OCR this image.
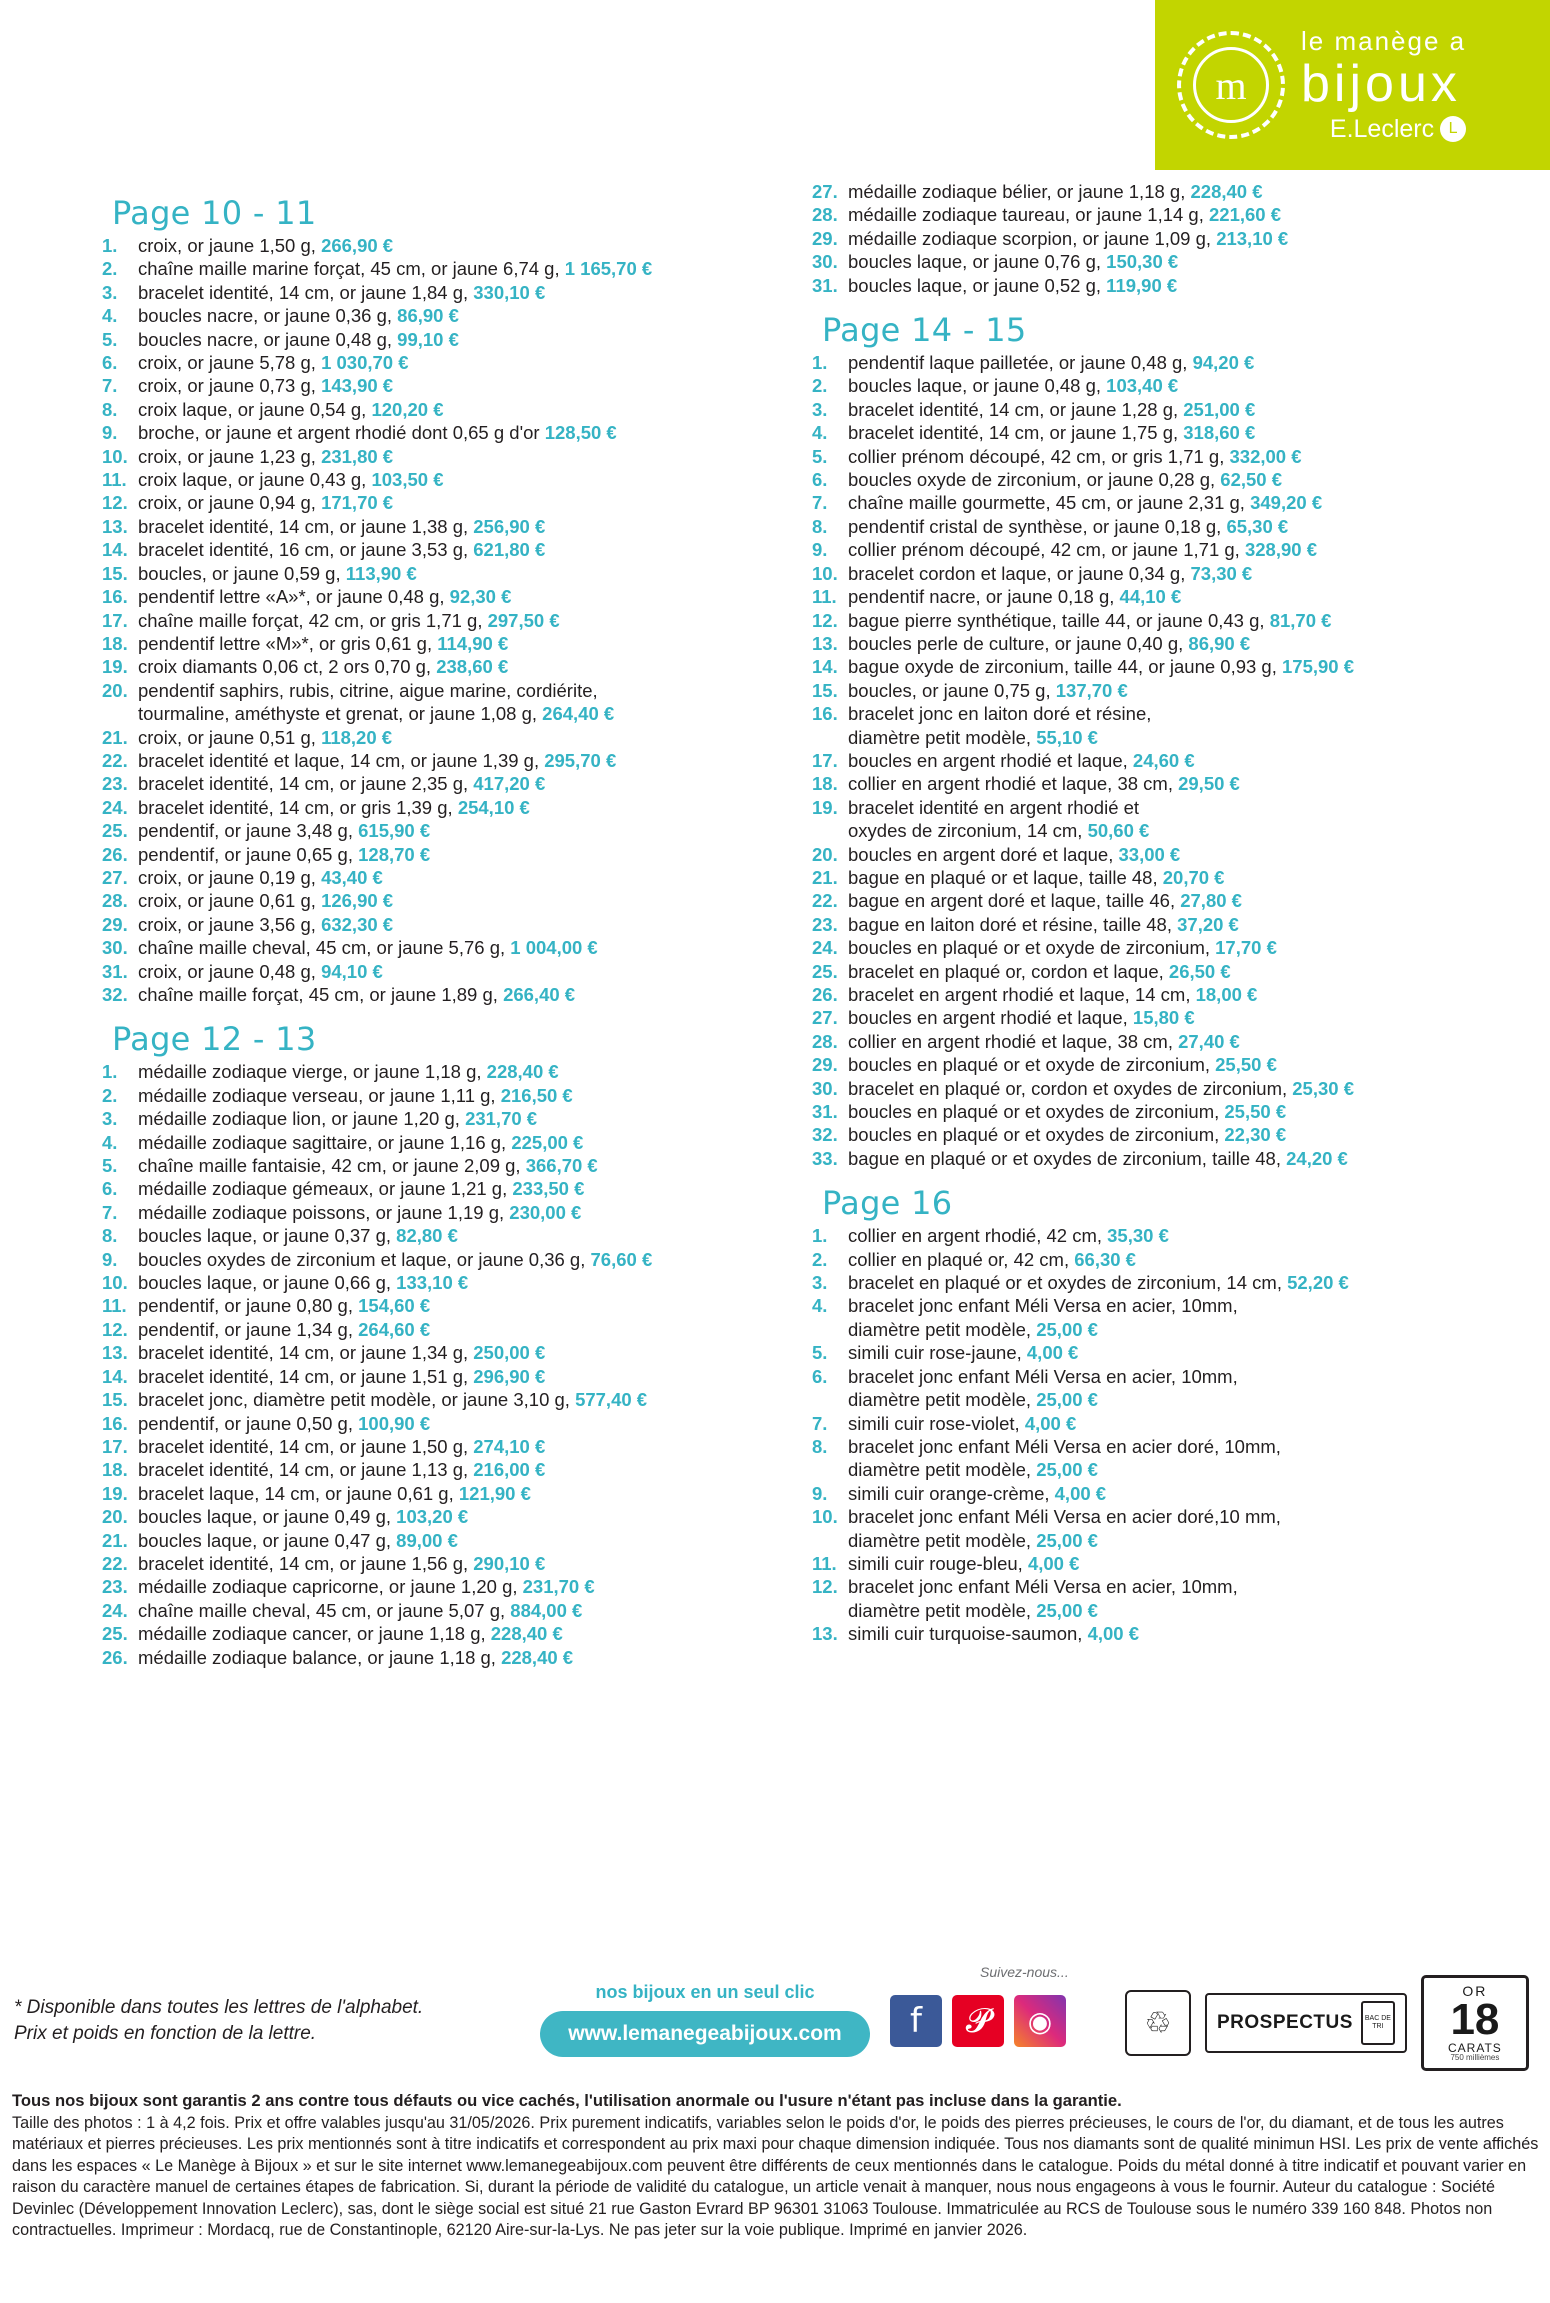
m
le manège a
bijoux
E.Leclerc L
Page 10 - 11
1.	croix, or jaune 1,50 g, 266,90 €
2.	chaîne maille marine forçat, 45 cm, or jaune 6,74 g, 1 165,70 €
3.	bracelet identité, 14 cm, or jaune 1,84 g, 330,10 €
4.	boucles nacre, or jaune 0,36 g, 86,90 €
5.	boucles nacre, or jaune 0,48 g, 99,10 €
6.	croix, or jaune 5,78 g, 1 030,70 €
7.	croix, or jaune 0,73 g, 143,90 €
8.	croix laque, or jaune 0,54 g, 120,20 €
9.	broche, or jaune et argent rhodié dont 0,65 g d'or 128,50 €
10. croix, or jaune 1,23 g, 231,80 €
11. croix laque, or jaune 0,43 g, 103,50 €
12. croix, or jaune 0,94 g, 171,70 €
13. bracelet identité, 14 cm, or jaune 1,38 g, 256,90 €
14. bracelet identité, 16 cm, or jaune 3,53 g, 621,80 €
15. boucles, or jaune 0,59 g, 113,90 €
16. pendentif lettre «A»*, or jaune 0,48 g, 92,30 €
17. chaîne maille forçat, 42 cm, or gris 1,71 g, 297,50 €
18. pendentif lettre «M»*, or gris 0,61 g, 114,90 €
19. croix diamants 0,06 ct, 2 ors 0,70 g, 238,60 €
20. pendentif saphirs, rubis, citrine, aigue marine, cordiérite,
tourmaline, améthyste et grenat, or jaune 1,08 g, 264,40 €
21. croix, or jaune 0,51 g, 118,20 €
22. bracelet identité et laque, 14 cm, or jaune 1,39 g, 295,70 €
23. bracelet identité, 14 cm, or jaune 2,35 g, 417,20 €
24. bracelet identité, 14 cm, or gris 1,39 g, 254,10 €
25. pendentif, or jaune 3,48 g, 615,90 €
26. pendentif, or jaune 0,65 g, 128,70 €
27. croix, or jaune 0,19 g, 43,40 €
28. croix, or jaune 0,61 g, 126,90 €
29. croix, or jaune 3,56 g, 632,30 €
30. chaîne maille cheval, 45 cm, or jaune 5,76 g, 1 004,00 €
31. croix, or jaune 0,48 g, 94,10 €
32. chaîne maille forçat, 45 cm, or jaune 1,89 g, 266,40 €
Page 12 - 13
1.	médaille zodiaque vierge, or jaune 1,18 g, 228,40 €
2.	médaille zodiaque verseau, or jaune 1,11 g, 216,50 €
3.	médaille zodiaque lion, or jaune 1,20 g, 231,70 €
4.	médaille zodiaque sagittaire, or jaune 1,16 g, 225,00 €
5.	chaîne maille fantaisie, 42 cm, or jaune 2,09 g, 366,70 €
6.	médaille zodiaque gémeaux, or jaune 1,21 g, 233,50 €
7.	médaille zodiaque poissons, or jaune 1,19 g, 230,00 €
8.	boucles laque, or jaune 0,37 g, 82,80 €
9.	boucles oxydes de zirconium et laque, or jaune 0,36 g, 76,60 €
10. boucles laque, or jaune 0,66 g, 133,10 €
11. pendentif, or jaune 0,80 g, 154,60 €
12. pendentif, or jaune 1,34 g, 264,60 €
13. bracelet identité, 14 cm, or jaune 1,34 g, 250,00 €
14. bracelet identité, 14 cm, or jaune 1,51 g, 296,90 €
15. bracelet jonc, diamètre petit modèle, or jaune 3,10 g, 577,40 €
16. pendentif, or jaune 0,50 g, 100,90 €
17. bracelet identité, 14 cm, or jaune 1,50 g, 274,10 €
18. bracelet identité, 14 cm, or jaune 1,13 g, 216,00 €
19. bracelet laque, 14 cm, or jaune 0,61 g, 121,90 €
20. boucles laque, or jaune 0,49 g, 103,20 €
21. boucles laque, or jaune 0,47 g, 89,00 €
22. bracelet identité, 14 cm, or jaune 1,56 g, 290,10 €
23. médaille zodiaque capricorne, or jaune 1,20 g, 231,70 €
24. chaîne maille cheval, 45 cm, or jaune 5,07 g, 884,00 €
25. médaille zodiaque cancer, or jaune 1,18 g, 228,40 €
26. médaille zodiaque balance, or jaune 1,18 g, 228,40 €
27. médaille zodiaque bélier, or jaune 1,18 g, 228,40 €
28. médaille zodiaque taureau, or jaune 1,14 g, 221,60 €
29. médaille zodiaque scorpion, or jaune 1,09 g, 213,10 €
30. boucles laque, or jaune 0,76 g, 150,30 €
31. boucles laque, or jaune 0,52 g, 119,90 €
Page 14 - 15
1.	pendentif laque pailletée, or jaune 0,48 g, 94,20 €
2.	boucles laque, or jaune 0,48 g, 103,40 €
3.	bracelet identité, 14 cm, or jaune 1,28 g, 251,00 €
4.	bracelet identité, 14 cm, or jaune 1,75 g, 318,60 €
5.	collier prénom découpé, 42 cm, or gris 1,71 g, 332,00 €
6.	boucles oxyde de zirconium, or jaune 0,28 g, 62,50 €
7.	chaîne maille gourmette, 45 cm, or jaune 2,31 g, 349,20 €
8.	pendentif cristal de synthèse, or jaune 0,18 g, 65,30 €
9.	collier prénom découpé, 42 cm, or jaune 1,71 g, 328,90 €
10. bracelet cordon et laque, or jaune 0,34 g, 73,30 €
11. pendentif nacre, or jaune 0,18 g, 44,10 €
12. bague pierre synthétique, taille 44, or jaune 0,43 g, 81,70 €
13. boucles perle de culture, or jaune 0,40 g, 86,90 €
14. bague oxyde de zirconium, taille 44, or jaune 0,93 g, 175,90 €
15. boucles, or jaune 0,75 g, 137,70 €
16. bracelet jonc en laiton doré et résine,
diamètre petit modèle, 55,10 €
17. boucles en argent rhodié et laque, 24,60 €
18. collier en argent rhodié et laque, 38 cm, 29,50 €
19. bracelet identité en argent rhodié et
oxydes de zirconium, 14 cm, 50,60 €
20. boucles en argent doré et laque, 33,00 €
21. bague en plaqué or et laque, taille 48, 20,70 €
22. bague en argent doré et laque, taille 46, 27,80 €
23. bague en laiton doré et résine, taille 48, 37,20 €
24. boucles en plaqué or et oxyde de zirconium, 17,70 €
25. bracelet en plaqué or, cordon et laque, 26,50 €
26. bracelet en argent rhodié et laque, 14 cm, 18,00 €
27. boucles en argent rhodié et laque, 15,80 €
28. collier en argent rhodié et laque, 38 cm, 27,40 €
29. boucles en plaqué or et oxyde de zirconium, 25,50 €
30. bracelet en plaqué or, cordon et oxydes de zirconium, 25,30 €
31. boucles en plaqué or et oxydes de zirconium, 25,50 €
32. boucles en plaqué or et oxydes de zirconium, 22,30 €
33. bague en plaqué or et oxydes de zirconium, taille 48, 24,20 €
Page 16
1.	collier en argent rhodié, 42 cm, 35,30 €
2.	collier en plaqué or, 42 cm, 66,30 €
3.	bracelet en plaqué or et oxydes de zirconium, 14 cm, 52,20 €
4.	bracelet jonc enfant Méli Versa en acier, 10mm,
diamètre petit modèle, 25,00 €
5.	simili cuir rose-jaune, 4,00 €
6.	bracelet jonc enfant Méli Versa en acier, 10mm,
diamètre petit modèle, 25,00 €
7.	simili cuir rose-violet, 4,00 €
8.	bracelet jonc enfant Méli Versa en acier doré, 10mm,
diamètre petit modèle, 25,00 €
9.	simili cuir orange-crème, 4,00 €
10. bracelet jonc enfant Méli Versa en acier doré,10 mm,
diamètre petit modèle, 25,00 €
11. simili cuir rouge-bleu, 4,00 €
12. bracelet jonc enfant Méli Versa en acier, 10mm,
diamètre petit modèle, 25,00 €
13. simili cuir turquoise-saumon, 4,00 €
* Disponible dans toutes les lettres de l'alphabet.
Prix et poids en fonction de la lettre.
nos bijoux en un seul clic
www.lemanegeabijoux.com
Suivez-nous...
f	𝓟	◉	♲	PROSPECTUS BAC DE TRI
OR
18
CARATS
750 millièmes
Tous nos bijoux sont garantis 2 ans contre tous défauts ou vice cachés, l'utilisation anormale ou l'usure n'étant pas incluse dans la garantie.
Taille des photos : 1 à 4,2 fois. Prix et offre valables jusqu'au 31/05/2026. Prix purement indicatifs, variables selon le poids d'or, le poids des pierres précieuses, le cours de l'or, du diamant, et de tous les autres matériaux et pierres précieuses. Les prix mentionnés sont à titre indicatifs et correspondent au prix maxi pour chaque dimension indiquée. Tous nos diamants sont de qualité minimun HSI. Les prix de vente affichés dans les espaces « Le Manège à Bijoux » et sur le site internet www.lemanegeabijoux.com peuvent être différents de ceux mentionnés dans le catalogue. Poids du métal donné à titre indicatif et pouvant varier en raison du caractère manuel de certaines étapes de fabrication. Si, durant la période de validité du catalogue, un article venait à manquer, nous nous engageons à vous le fournir. Auteur du catalogue : Société Devinlec (Développement Innovation Leclerc), sas, dont le siège social est situé 21 rue Gaston Evrard BP 96301 31063 Toulouse. Immatriculée au RCS de Toulouse sous le numéro 339 160 848. Photos non contractuelles. Imprimeur : Mordacq, rue de Constantinople, 62120 Aire-sur-la-Lys. Ne pas jeter sur la voie publique. Imprimé en janvier 2026.
